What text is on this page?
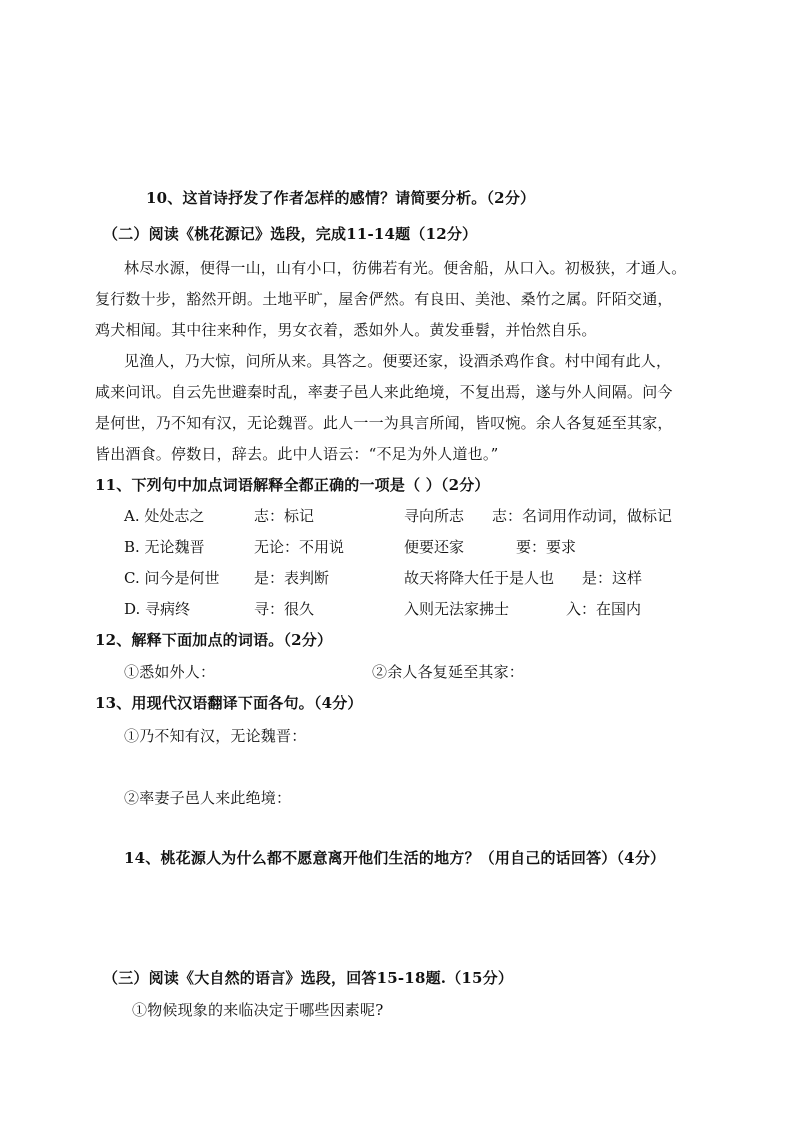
10、这首诗抒发了作者怎样的感情？请简要分析。（2分）
（二）阅读《桃花源记》选段，完成11-14题（12分）
林尽水源，便得一山，山有小口，彷佛若有光。便舍船，从口入。初极狭，才通人。
复行数十步，豁然开朗。土地平旷，屋舍俨然。有良田、美池、桑竹之属。阡陌交通，
鸡犬相闻。其中往来种作，男女衣着，悉如外人。黄发垂髫，并怡然自乐。
见渔人，乃大惊，问所从来。具答之。便要还家，设酒杀鸡作食。村中闻有此人，
咸来问讯。自云先世避秦时乱，率妻子邑人来此绝境，不复出焉，遂与外人间隔。问今
是何世，乃不知有汉，无论魏晋。此人一一为具言所闻，皆叹惋。余人各复延至其家，
皆出酒食。停数日，辞去。此中人语云：“不足为外人道也。”
11、下列句中加点词语解释全都正确的一项是（ ）（2分）
A. 处处志之	志：标记	寻向所志 志：名词用作动词，做标记
B. 无论魏晋	无论：不用说	便要还家	要：要求
C. 问今是何世 是：表判断	故天将降大任于是人也 是：这样
D. 寻病终	寻：很久	入则无法家拂士	入：在国内
12、解释下面加点的词语。（2分）
①悉如外人：	②余人各复延至其家：
13、用现代汉语翻译下面各句。（4分）
①乃不知有汉，无论魏晋：
②率妻子邑人来此绝境：
14、桃花源人为什么都不愿意离开他们生活的地方？（用自己的话回答）（4分）
（三）阅读《大自然的语言》选段，回答15-18题.（15分）
①物候现象的来临决定于哪些因素呢?
